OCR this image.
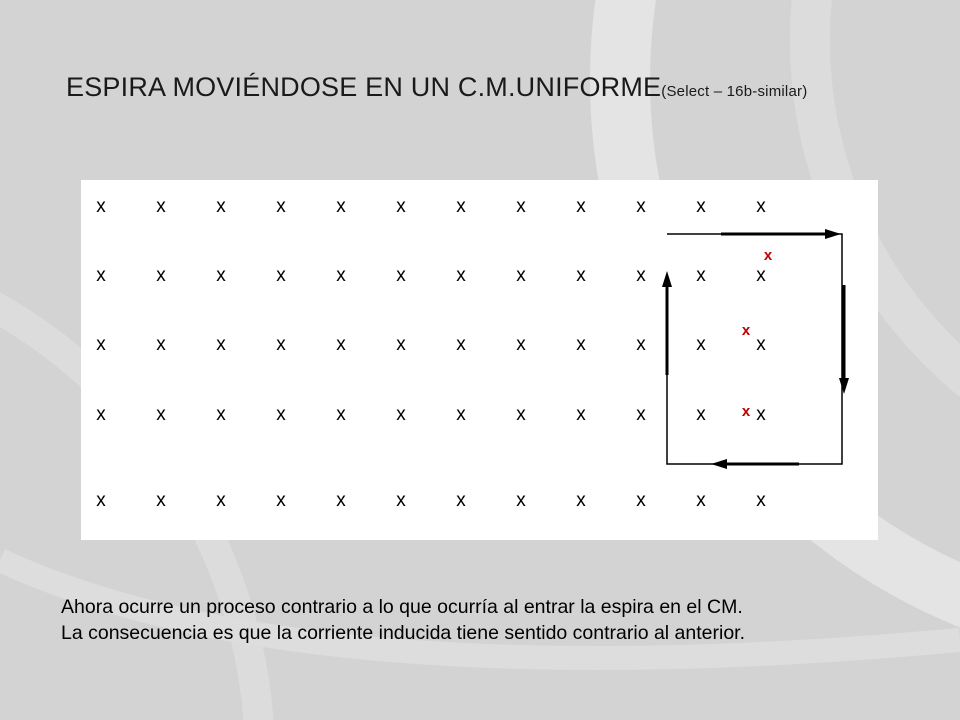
ESPIRA MOVIÉNDOSE EN UN C.M.UNIFORME(Select – 16b-similar)
x	x	x	x	x	x	x	x	x	x	x	x
x	x	x	x	x	x	x	x	x	x	x	x
x	x	x	x	x	x	x	x	x	x	x	x
x	x	x	x	x	x	x	x	x	x	x	x
x	x	x	x	x	x	x	x	x	x	x	x
x
x
x
Ahora ocurre un proceso contrario a lo que ocurría al entrar la espira en el CM.
La consecuencia es que la corriente inducida tiene sentido contrario al anterior.
